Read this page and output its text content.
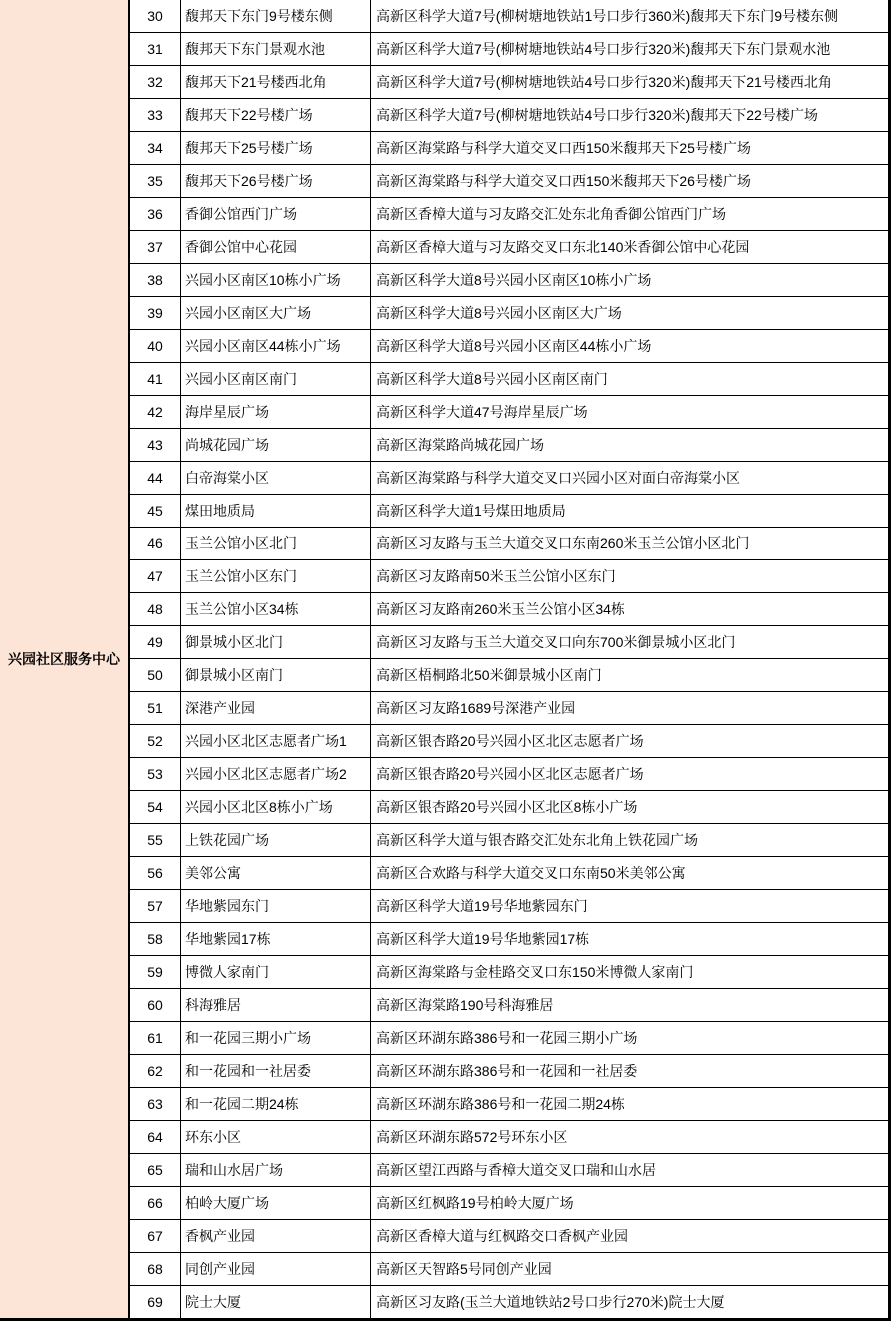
兴园社区服务中心
30	馥邦天下东门9号楼东侧	高新区科学大道7号(柳树塘地铁站1号口步行360米)馥邦天下东门9号楼东侧
31	馥邦天下东门景观水池	高新区科学大道7号(柳树塘地铁站4号口步行320米)馥邦天下东门景观水池
32	馥邦天下21号楼西北角	高新区科学大道7号(柳树塘地铁站4号口步行320米)馥邦天下21号楼西北角
33	馥邦天下22号楼广场	高新区科学大道7号(柳树塘地铁站4号口步行320米)馥邦天下22号楼广场
34	馥邦天下25号楼广场	高新区海棠路与科学大道交叉口西150米馥邦天下25号楼广场
35	馥邦天下26号楼广场	高新区海棠路与科学大道交叉口西150米馥邦天下26号楼广场
36	香御公馆西门广场	高新区香樟大道与习友路交汇处东北角香御公馆西门广场
37	香御公馆中心花园	高新区香樟大道与习友路交叉口东北140米香御公馆中心花园
38	兴园小区南区10栋小广场	高新区科学大道8号兴园小区南区10栋小广场
39	兴园小区南区大广场	高新区科学大道8号兴园小区南区大广场
40	兴园小区南区44栋小广场	高新区科学大道8号兴园小区南区44栋小广场
41	兴园小区南区南门	高新区科学大道8号兴园小区南区南门
42	海岸星辰广场	高新区科学大道47号海岸星辰广场
43	尚城花园广场	高新区海棠路尚城花园广场
44	白帝海棠小区	高新区海棠路与科学大道交叉口兴园小区对面白帝海棠小区
45	煤田地质局	高新区科学大道1号煤田地质局
46	玉兰公馆小区北门	高新区习友路与玉兰大道交叉口东南260米玉兰公馆小区北门
47	玉兰公馆小区东门	高新区习友路南50米玉兰公馆小区东门
48	玉兰公馆小区34栋	高新区习友路南260米玉兰公馆小区34栋
49	御景城小区北门	高新区习友路与玉兰大道交叉口向东700米御景城小区北门
50	御景城小区南门	高新区梧桐路北50米御景城小区南门
51	深港产业园	高新区习友路1689号深港产业园
52	兴园小区北区志愿者广场1	高新区银杏路20号兴园小区北区志愿者广场
53	兴园小区北区志愿者广场2	高新区银杏路20号兴园小区北区志愿者广场
54	兴园小区北区8栋小广场	高新区银杏路20号兴园小区北区8栋小广场
55	上铁花园广场	高新区科学大道与银杏路交汇处东北角上铁花园广场
56	美邻公寓	高新区合欢路与科学大道交叉口东南50米美邻公寓
57	华地紫园东门	高新区科学大道19号华地紫园东门
58	华地紫园17栋	高新区科学大道19号华地紫园17栋
59	博微人家南门	高新区海棠路与金桂路交叉口东150米博微人家南门
60	科海雅居	高新区海棠路190号科海雅居
61	和一花园三期小广场	高新区环湖东路386号和一花园三期小广场
62	和一花园和一社居委	高新区环湖东路386号和一花园和一社居委
63	和一花园二期24栋	高新区环湖东路386号和一花园二期24栋
64	环东小区	高新区环湖东路572号环东小区
65	瑞和山水居广场	高新区望江西路与香樟大道交叉口瑞和山水居
66	柏岭大厦广场	高新区红枫路19号柏岭大厦广场
67	香枫产业园	高新区香樟大道与红枫路交口香枫产业园
68	同创产业园	高新区天智路5号同创产业园
69	院士大厦	高新区习友路(玉兰大道地铁站2号口步行270米)院士大厦
